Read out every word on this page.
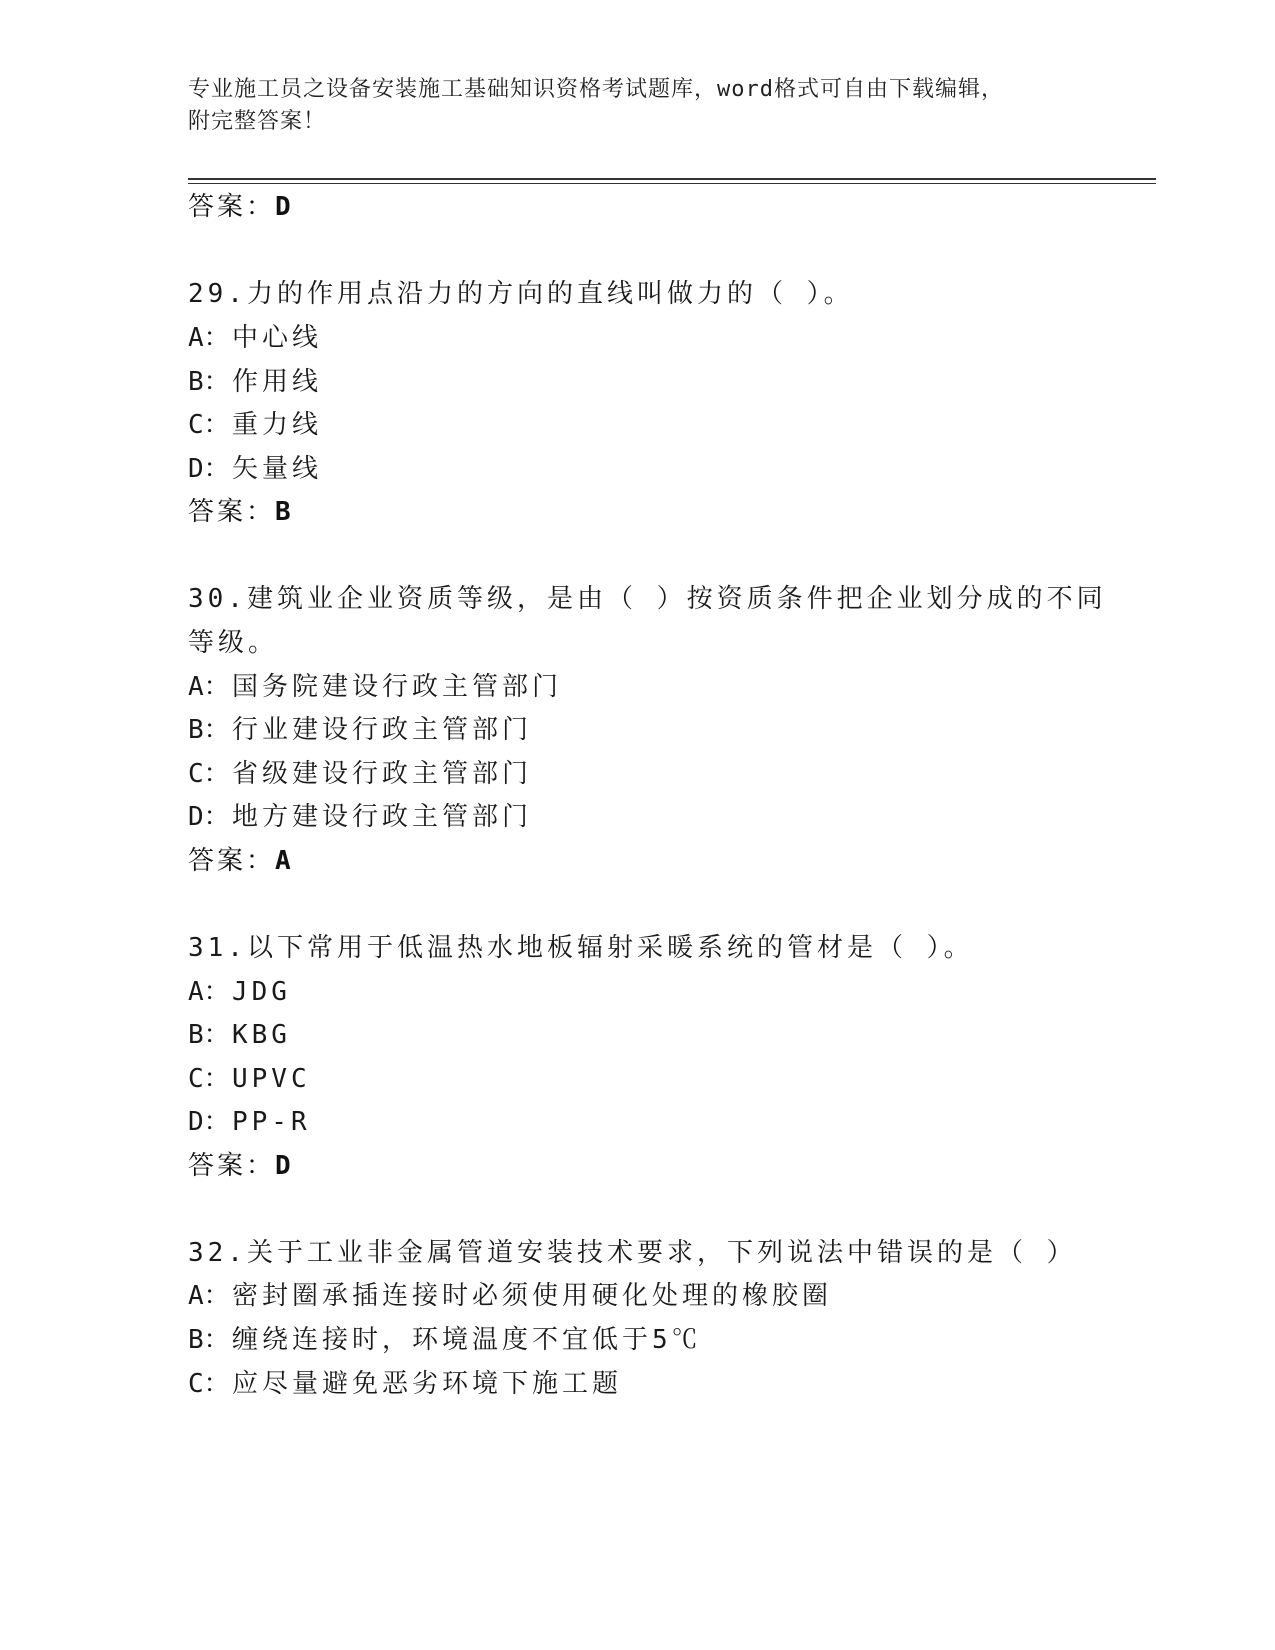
专业施工员之设备安装施工基础知识资格考试题库，word格式可自由下载编辑，
附完整答案！
答案：D
29.力的作用点沿力的方向的直线叫做力的（ ）。
A：中心线
B：作用线
C：重力线
D：矢量线
答案：B
30.建筑业企业资质等级，是由（ ）按资质条件把企业划分成的不同
等级。
A：国务院建设行政主管部门
B：行业建设行政主管部门
C：省级建设行政主管部门
D：地方建设行政主管部门
答案：A
31.以下常用于低温热水地板辐射采暖系统的管材是（ ）。
A：JDG
B：KBG
C：UPVC
D：PP-R
答案：D
32.关于工业非金属管道安装技术要求，下列说法中错误的是（ ）
A：密封圈承插连接时必须使用硬化处理的橡胶圈
B：缠绕连接时，环境温度不宜低于5℃
C：应尽量避免恶劣环境下施工题
